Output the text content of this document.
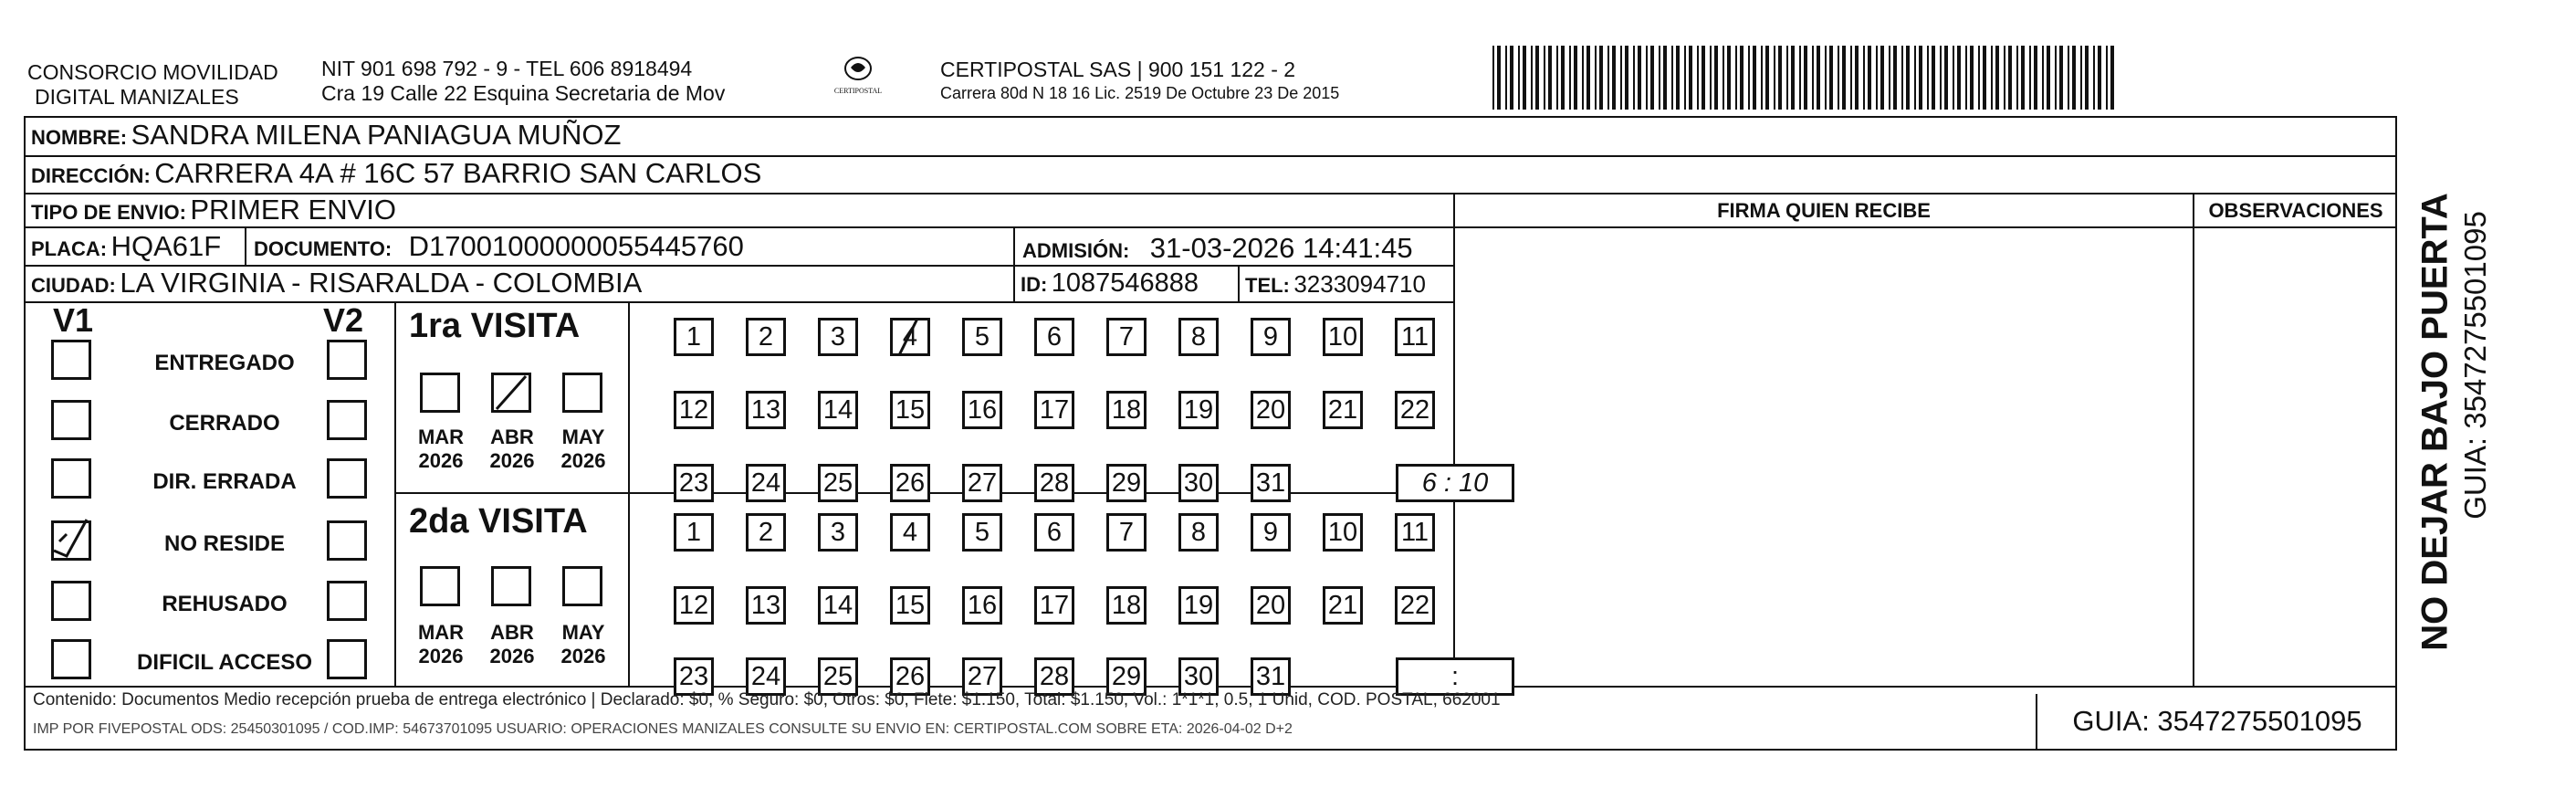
CONSORCIO MOVILIDAD
DIGITAL MANIZALES
NIT 901 698 792 - 9 - TEL 606 8918494
Cra 19 Calle 22 Esquina Secretaria de Mov	CERTIPOSTAL
CERTIPOSTAL SAS | 900 151 122 - 2
Carrera 80d N 18 16 Lic. 2519 De Octubre 23 De 2015
NOMBRE: SANDRA MILENA PANIAGUA MUÑOZ
DIRECCIÓN: CARRERA 4A # 16C 57 BARRIO SAN CARLOS
TIPO DE ENVIO: PRIMER ENVIO	FIRMA QUIEN RECIBE	OBSERVACIONES
PLACA: HQA61F DOCUMENTO: D17001000000055445760	ADMISIÓN: 31-03-2026 14:41:45
CIUDAD: LA VIRGINIA - RISARALDA - COLOMBIA	ID: 1087546888 TEL: 3233094710
V1	V2
ENTREGADO
CERRADO
DIR. ERRADA
NO RESIDE
REHUSADO
DIFICIL ACCESO
1ra VISITA
2da VISITA
MAR
2026
ABR
2026
MAY
2026
MAR
2026
ABR
2026
MAY
2026
1	2	3	4	5	6	7	8	9	10 11
12 13 14 15 16 17 18 19 20 21 22
23 24 25 26 27 28 29 30 31	6 : 10
1	2	3	4	5	6	7	8	9	10 11
12 13 14 15 16 17 18 19 20 21 22
23 24 25 26 27 28 29 30 31	:
Contenido: Documentos Medio recepción prueba de entrega electrónico | Declarado: $0, % Seguro: $0, Otros: $0, Flete: $1.150, Total: $1.150, Vol.: 1*1*1, 0.5, 1 Unid, COD. POSTAL, 662001
IMP POR FIVEPOSTAL ODS: 25450301095 / COD.IMP: 54673701095 USUARIO: OPERACIONES MANIZALES CONSULTE SU ENVIO EN: CERTIPOSTAL.COM SOBRE ETA: 2026-04-02 D+2	GUIA: 3547275501095
NO DEJAR BAJO PUERTA GUIA: 3547275501095
